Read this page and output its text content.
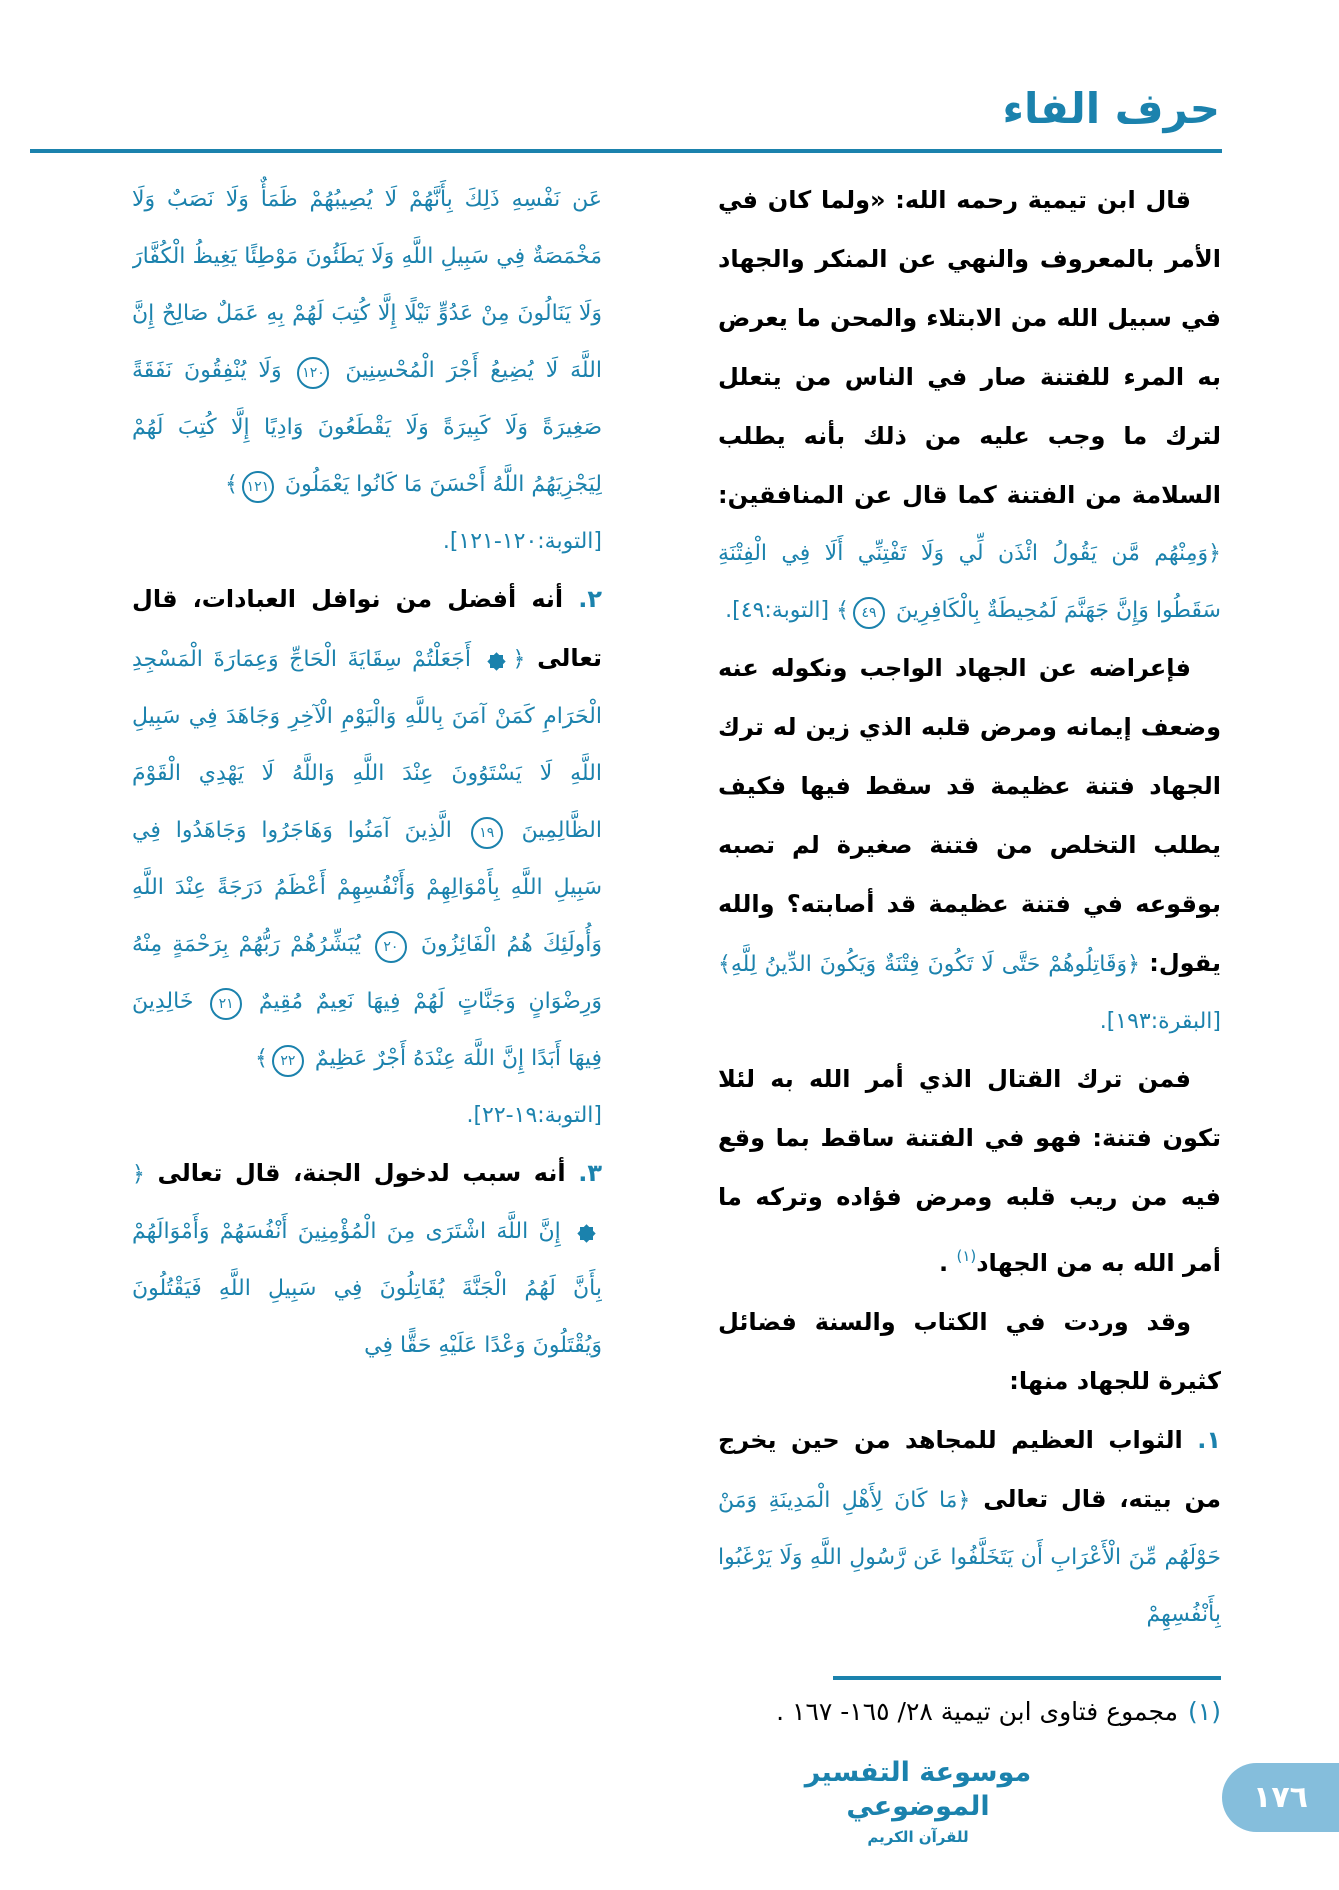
حرف الفاء

قال ابن تيمية رحمه الله: «ولما كان في الأمر بالمعروف والنهي عن المنكر والجهاد في سبيل الله من الابتلاء والمحن ما يعرض به المرء للفتنة صار في الناس من يتعلل لترك ما وجب عليه من ذلك بأنه يطلب السلامة من الفتنة كما قال عن المنافقين: ﴿وَمِنْهُم مَّن يَقُولُ ائْذَن لِّي وَلَا تَفْتِنِّي أَلَا فِي الْفِتْنَةِ سَقَطُوا وَإِنَّ جَهَنَّمَ لَمُحِيطَةٌ بِالْكَافِرِينَ ٤٩﴾ [التوبة:٤٩].

فإعراضه عن الجهاد الواجب ونكوله عنه وضعف إيمانه ومرض قلبه الذي زين له ترك الجهاد فتنة عظيمة قد سقط فيها فكيف يطلب التخلص من فتنة صغيرة لم تصبه بوقوعه في فتنة عظيمة قد أصابته؟ والله يقول: ﴿وَقَاتِلُوهُمْ حَتَّى لَا تَكُونَ فِتْنَةٌ وَيَكُونَ الدِّينُ لِلَّهِ﴾ [البقرة:١٩٣].

فمن ترك القتال الذي أمر الله به لئلا تكون فتنة: فهو في الفتنة ساقط بما وقع فيه من ريب قلبه ومرض فؤاده وتركه ما أمر الله به من الجهاد(١) .

وقد وردت في الكتاب والسنة فضائل كثيرة للجهاد منها:

١. الثواب العظيم للمجاهد من حين يخرج من بيته، قال تعالى ﴿مَا كَانَ لِأَهْلِ الْمَدِينَةِ وَمَنْ حَوْلَهُم مِّنَ الْأَعْرَابِ أَن يَتَخَلَّفُوا عَن رَّسُولِ اللَّهِ وَلَا يَرْغَبُوا بِأَنْفُسِهِمْ

عَن نَفْسِهِ ذَلِكَ بِأَنَّهُمْ لَا يُصِيبُهُمْ ظَمَأٌ وَلَا نَصَبٌ وَلَا مَخْمَصَةٌ فِي سَبِيلِ اللَّهِ وَلَا يَطَئُونَ مَوْطِئًا يَغِيظُ الْكُفَّارَ وَلَا يَنَالُونَ مِنْ عَدُوٍّ نَيْلًا إِلَّا كُتِبَ لَهُمْ بِهِ عَمَلٌ صَالِحٌ إِنَّ اللَّهَ لَا يُضِيعُ أَجْرَ الْمُحْسِنِينَ ١٢٠ وَلَا يُنْفِقُونَ نَفَقَةً صَغِيرَةً وَلَا كَبِيرَةً وَلَا يَقْطَعُونَ وَادِيًا إِلَّا كُتِبَ لَهُمْ لِيَجْزِيَهُمُ اللَّهُ أَحْسَنَ مَا كَانُوا يَعْمَلُونَ ١٢١﴾

[التوبة:١٢٠-١٢١].

٢. أنه أفضل من نوافل العبادات، قال تعالى ﴿ أَجَعَلْتُمْ سِقَايَةَ الْحَاجِّ وَعِمَارَةَ الْمَسْجِدِ الْحَرَامِ كَمَنْ آمَنَ بِاللَّهِ وَالْيَوْمِ الْآخِرِ وَجَاهَدَ فِي سَبِيلِ اللَّهِ لَا يَسْتَوُونَ عِنْدَ اللَّهِ وَاللَّهُ لَا يَهْدِي الْقَوْمَ الظَّالِمِينَ ١٩ الَّذِينَ آمَنُوا وَهَاجَرُوا وَجَاهَدُوا فِي سَبِيلِ اللَّهِ بِأَمْوَالِهِمْ وَأَنْفُسِهِمْ أَعْظَمُ دَرَجَةً عِنْدَ اللَّهِ وَأُولَئِكَ هُمُ الْفَائِزُونَ ٢٠ يُبَشِّرُهُمْ رَبُّهُمْ بِرَحْمَةٍ مِنْهُ وَرِضْوَانٍ وَجَنَّاتٍ لَهُمْ فِيهَا نَعِيمٌ مُقِيمٌ ٢١ خَالِدِينَ فِيهَا أَبَدًا إِنَّ اللَّهَ عِنْدَهُ أَجْرٌ عَظِيمٌ ٢٢﴾

[التوبة:١٩-٢٢].

٣. أنه سبب لدخول الجنة، قال تعالى ﴿ إِنَّ اللَّهَ اشْتَرَى مِنَ الْمُؤْمِنِينَ أَنْفُسَهُمْ وَأَمْوَالَهُمْ بِأَنَّ لَهُمُ الْجَنَّةَ يُقَاتِلُونَ فِي سَبِيلِ اللَّهِ فَيَقْتُلُونَ وَيُقْتَلُونَ وَعْدًا عَلَيْهِ حَقًّا فِي

(١)مجموع فتاوى ابن تيمية ٢٨/ ١٦٥- ١٦٧ .
موسوعة التفسير الموضوعي
للقرآن الكريم
١٧٦
